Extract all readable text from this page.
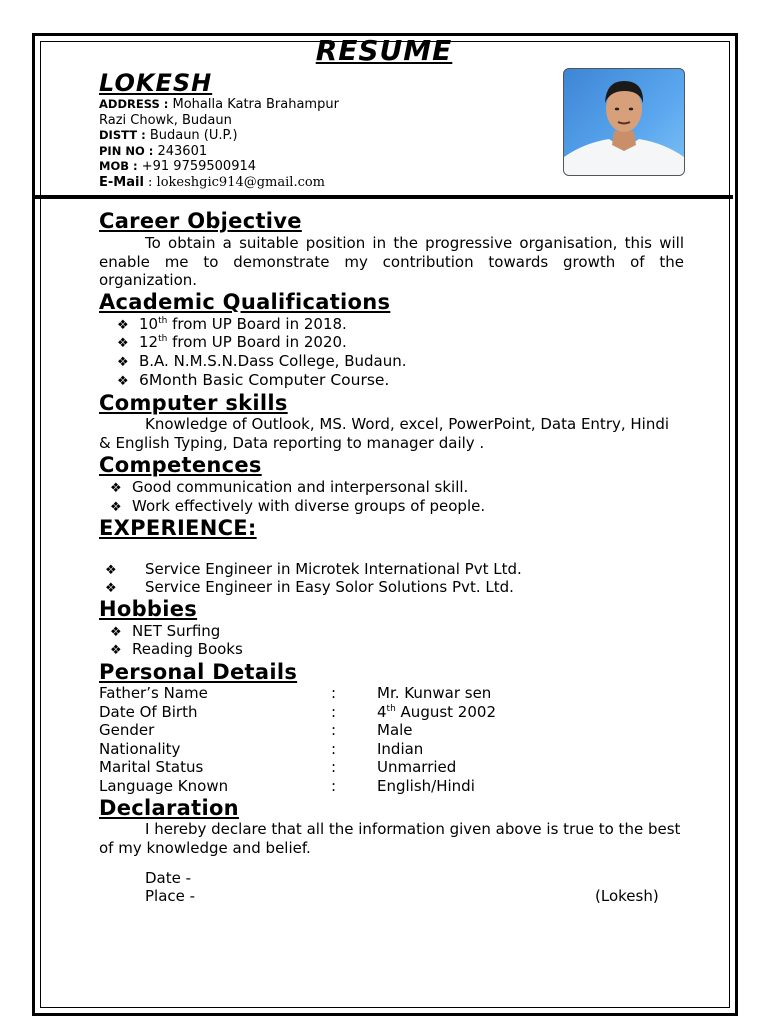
RESUME
LOKESH
ADDRESS : Mohalla Katra Brahampur
Razi Chowk, Budaun
DISTT : Budaun (U.P.)
PIN NO : 243601
MOB : +91 9759500914
E-Mail : lokeshgic914@gmail.com
Career Objective
To obtain a suitable position in the progressive organisation, this will enable me to demonstrate my contribution towards growth of the organization.
Academic Qualifications
❖ 10th from UP Board in 2018.
❖ 12th from UP Board in 2020.
❖ B.A. N.M.S.N.Dass College, Budaun.
❖ 6Month Basic Computer Course.
Computer skills
Knowledge of Outlook, MS. Word, excel, PowerPoint, Data Entry, Hindi & English Typing, Data reporting to manager daily .
Competences
❖ Good communication and interpersonal skill.
❖ Work effectively with diverse groups of people.
EXPERIENCE:
❖ Service Engineer in Microtek International Pvt Ltd.
❖ Service Engineer in Easy Solor Solutions Pvt. Ltd.
Hobbies
❖ NET Surfing
❖ Reading Books
Personal Details
Father’s Name	:	Mr. Kunwar sen
Date Of Birth	:	4th August 2002
Gender	:	Male
Nationality	:	Indian
Marital Status	:	Unmarried
Language Known	:	English/Hindi
Declaration
I hereby declare that all the information given above is true to the best of my knowledge and belief.
Date -
Place -	(Lokesh)
